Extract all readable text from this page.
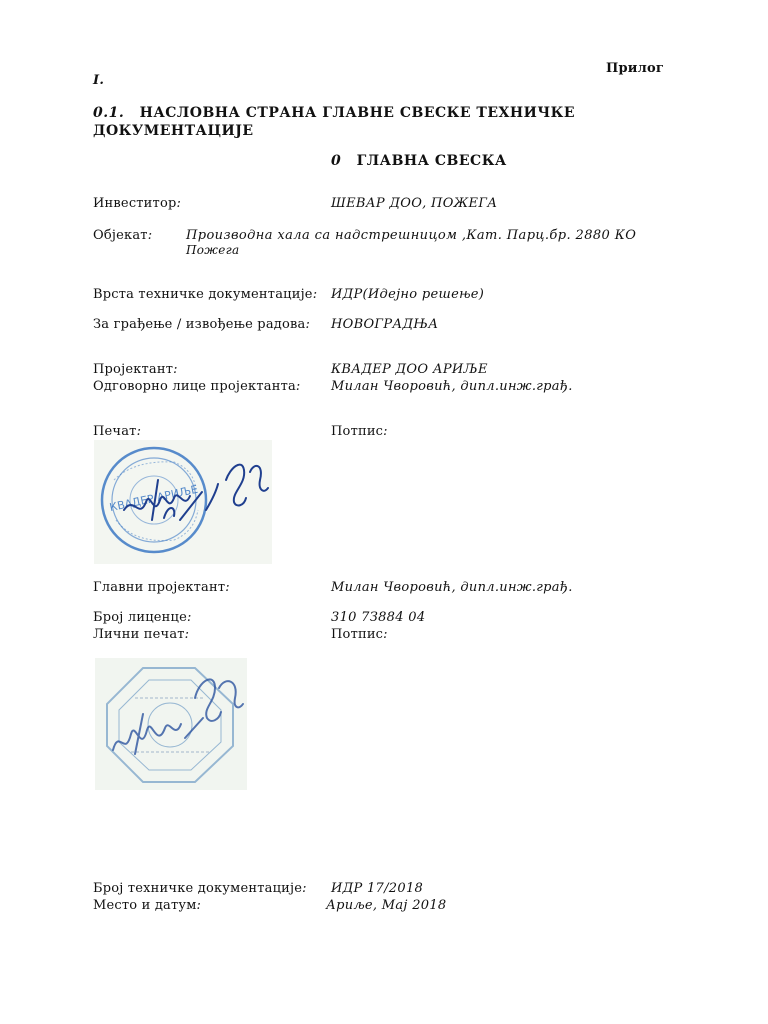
Прилог
I.
0.1. НАСЛОВНА СТРАНА ГЛАВНЕ СВЕСКЕ ТЕХНИЧКЕ
ДОКУМЕНТАЦИЈЕ
0 ГЛАВНА СВЕСКА
Инвеститор:	ШЕВАР ДОО, ПОЖЕГА
Објекат:	Производна хала са надстрешницом ,Кат. Парц.бр. 2880 КО
Пожега
Врста техничке документације: ИДР(Идејно решење)
За грађење / извођење радова: НОВОГРАДЊА
Пројектант:	КВАДЕР ДОО АРИЉЕ
Одговорно лице пројектанта: Милан Чворовић, дипл.инж.грађ.
Печат:	Потпис:
КВАДЕР АРИЉЕ
Главни пројектант:	Милан Чворовић, дипл.инж.грађ.
Број лиценце:	310 7З884 04
Лични печат:	Потпис:
Број техничке документације: ИДР 17/2018
Место и датум:	Ариље, Мај 2018
